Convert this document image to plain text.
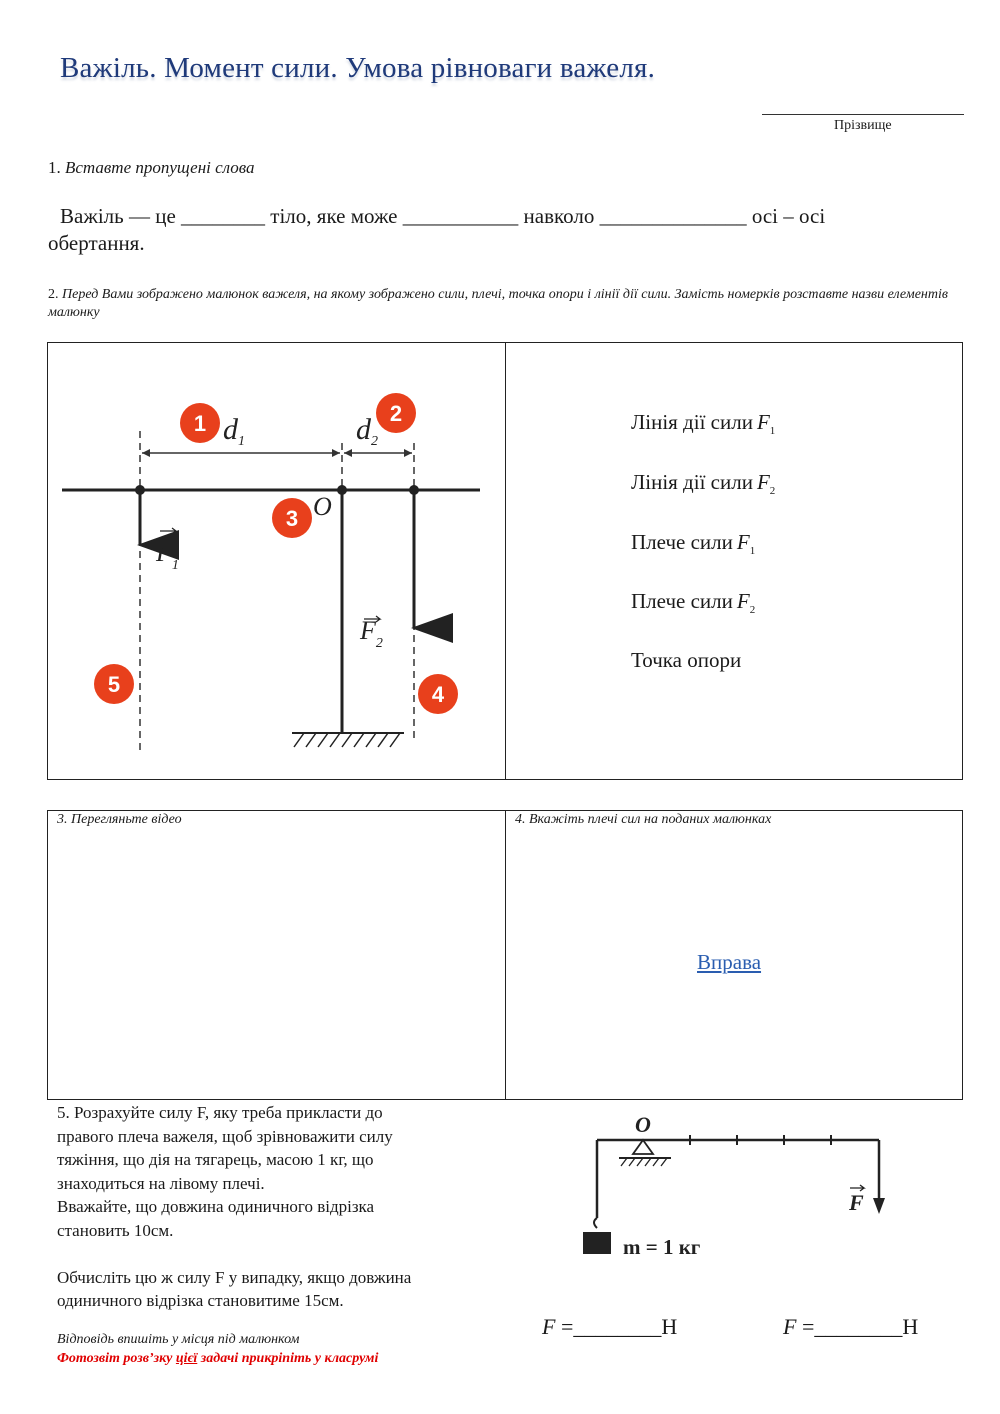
Важіль. Момент сили. Умова рівноваги важеля.
Прізвище
1. Вставте пропущені слова
Важіль — це ________ тіло, яке може ___________ навколо ______________ осі – осі
обертання.
2. Перед Вами зображено малюнок важеля, на якому зображено сили, плечі, точка опори і лінії дії сили. Замість номерків розставте назви елементів малюнку
$d_1$	$d_2$
O
$F_1$
$F_2$
1	2
3
4
5
Лінія дії сили $F_1$
Лінія дії сили $F_2$
Плече сили $F_1$
Плече сили $F_2$
Точка опори
3. Перегляньте відео	4. Вкажіть плечі сил на поданих малюнках
Вправа
5. Розрахуйте силу F, яку треба прикласти до
правого плеча важеля, щоб зрівноважити силу
тяжіння, що дія на тягарець, масою 1 кг, що
знаходиться на лівому плечі.
Вважайте, що довжина одиничного відрізка
становить 10см.
Обчисліть цю ж силу F у випадку, якщо довжина
одиничного відрізка становитиме 15см.
Відповідь впишіть у місця під малюнком
Фотозвіт розв’зку цієї задачі прикріпіть у класрумі
O
m = 1 кг
F
F =________Н	F =________Н
